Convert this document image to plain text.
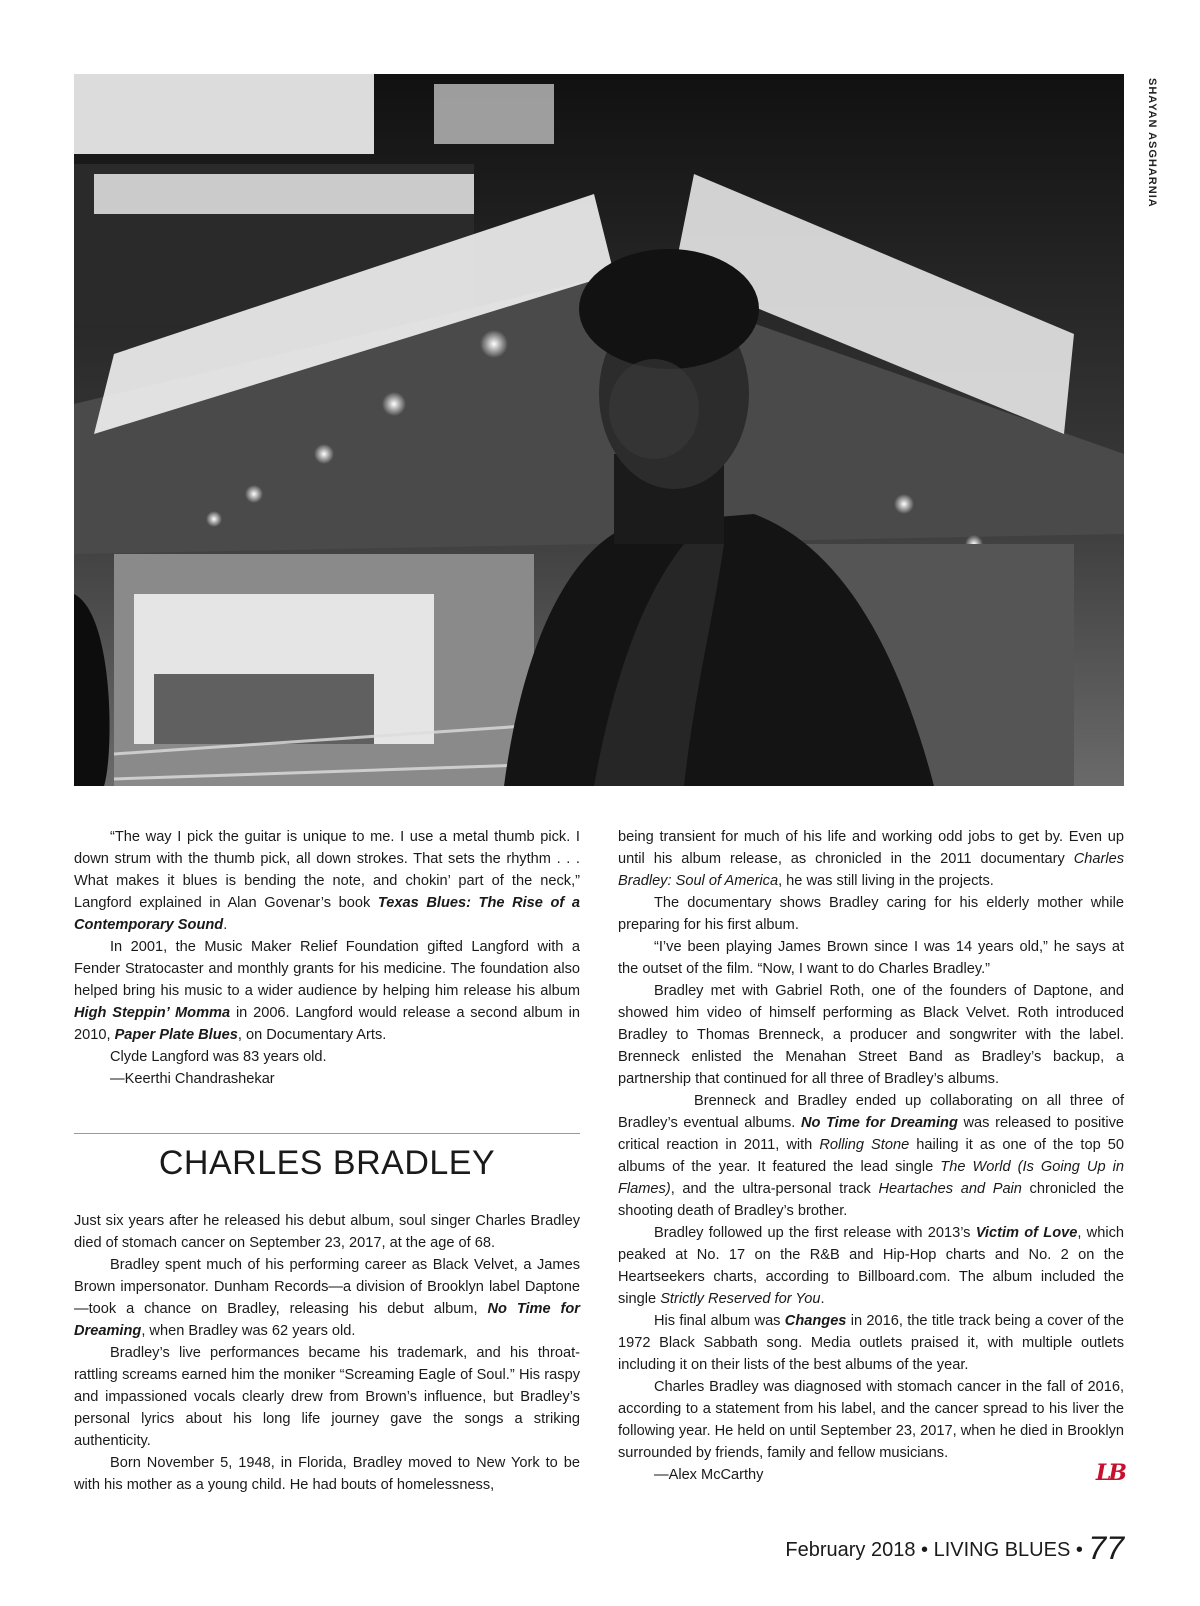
SHAYAN ASGHARNIA

“The way I pick the guitar is unique to me. I use a metal thumb pick. I down strum with the thumb pick, all down strokes. That sets the rhythm . . . What makes it blues is bending the note, and chokin’ part of the neck,” Langford explained in Alan Govenar’s book Texas Blues: The Rise of a Contemporary Sound.

In 2001, the Music Maker Relief Foundation gifted Langford with a Fender Stratocaster and monthly grants for his medicine. The foundation also helped bring his music to a wider audience by helping him release his album High Steppin’ Momma in 2006. Langford would release a second album in 2010, Paper Plate Blues, on Documentary Arts.

Clyde Langford was 83 years old.

—Keerthi Chandrashekar

CHARLES BRADLEY

Just six years after he released his debut album, soul singer Charles Bradley died of stomach cancer on September 23, 2017, at the age of 68.

Bradley spent much of his performing career as Black Velvet, a James Brown impersonator. Dunham Records—a division of Brooklyn label Daptone—took a chance on Bradley, releasing his debut album, No Time for Dreaming, when Bradley was 62 years old.

Bradley’s live performances became his trademark, and his throat-rattling screams earned him the moniker “Screaming Eagle of Soul.” His raspy and impassioned vocals clearly drew from Brown’s influence, but Bradley’s personal lyrics about his long life journey gave the songs a striking authenticity.

Born November 5, 1948, in Florida, Bradley moved to New York to be with his mother as a young child. He had bouts of homelessness,

being transient for much of his life and working odd jobs to get by. Even up until his album release, as chronicled in the 2011 documentary Charles Bradley: Soul of America, he was still living in the projects.

The documentary shows Bradley caring for his elderly mother while preparing for his first album.

“I’ve been playing James Brown since I was 14 years old,” he says at the outset of the film. “Now, I want to do Charles Bradley.”

Bradley met with Gabriel Roth, one of the founders of Daptone, and showed him video of himself performing as Black Velvet. Roth introduced Bradley to Thomas Brenneck, a producer and songwriter with the label. Brenneck enlisted the Menahan Street Band as Bradley’s backup, a partnership that continued for all three of Bradley’s albums.

Brenneck and Bradley ended up collaborating on all three of Bradley’s eventual albums. No Time for Dreaming was released to positive critical reaction in 2011, with Rolling Stone hailing it as one of the top 50 albums of the year. It featured the lead single The World (Is Going Up in Flames), and the ultra-personal track Heartaches and Pain chronicled the shooting death of Bradley’s brother.

Bradley followed up the first release with 2013’s Victim of Love, which peaked at No. 17 on the R&B and Hip-Hop charts and No. 2 on the Heartseekers charts, according to Billboard.com. The album included the single Strictly Reserved for You.

His final album was Changes in 2016, the title track being a cover of the 1972 Black Sabbath song. Media outlets praised it, with multiple outlets including it on their lists of the best albums of the year.

Charles Bradley was diagnosed with stomach cancer in the fall of 2016, according to a statement from his label, and the cancer spread to his liver the following year. He held on until September 23, 2017, when he died in Brooklyn surrounded by friends, family and fellow musicians.

—Alex McCarthy	LB

February 2018 • LIVING BLUES • 77
